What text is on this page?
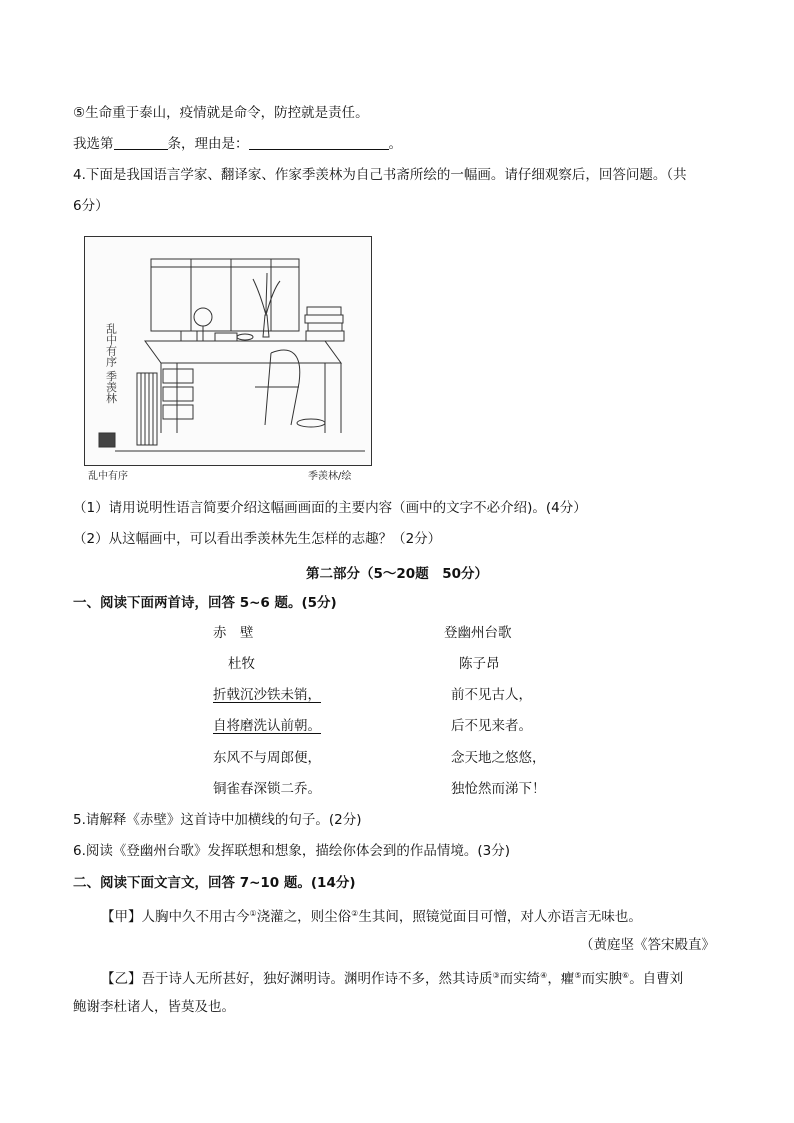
⑤生命重于泰山，疫情就是命令，防控就是责任。
我选第	条，理由是：	。
4.下面是我国语言学家、翻译家、作家季羡林为自己书斋所绘的一幅画。请仔细观察后，回答问题。（共
6分）
乱中有序 季羡林
乱中有序	季羡林/绘
（1）请用说明性语言简要介绍这幅画画面的主要内容（画中的文字不必介绍)。(4分）
（2）从这幅画中，可以看出季羡林先生怎样的志趣？（2分）
第二部分（5～20题　50分）
一、阅读下面两首诗，回答 5~6 题。(5分)
赤　壁
杜牧
折戟沉沙铁未销，
自将磨洗认前朝。
东风不与周郎便，
铜雀春深锁二乔。
登幽州台歌
陈子昂
前不见古人，
后不见来者。
念天地之悠悠，
独怆然而涕下！
5.请解释《赤壁》这首诗中加横线的句子。(2分)
6.阅读《登幽州台歌》发挥联想和想象，描绘你体会到的作品情境。(3分)
二、阅读下面文言文，回答 7~10 题。(14分)
【甲】人胸中久不用古今①浇灌之，则尘俗②生其间，照镜觉面目可憎，对人亦语言无味也。
（黄庭坚《答宋殿直》
【乙】吾于诗人无所甚好，独好渊明诗。渊明作诗不多，然其诗质③而实绮④，癯⑤而实腴⑥。自曹刘
鲍谢李杜诸人，皆莫及也。
